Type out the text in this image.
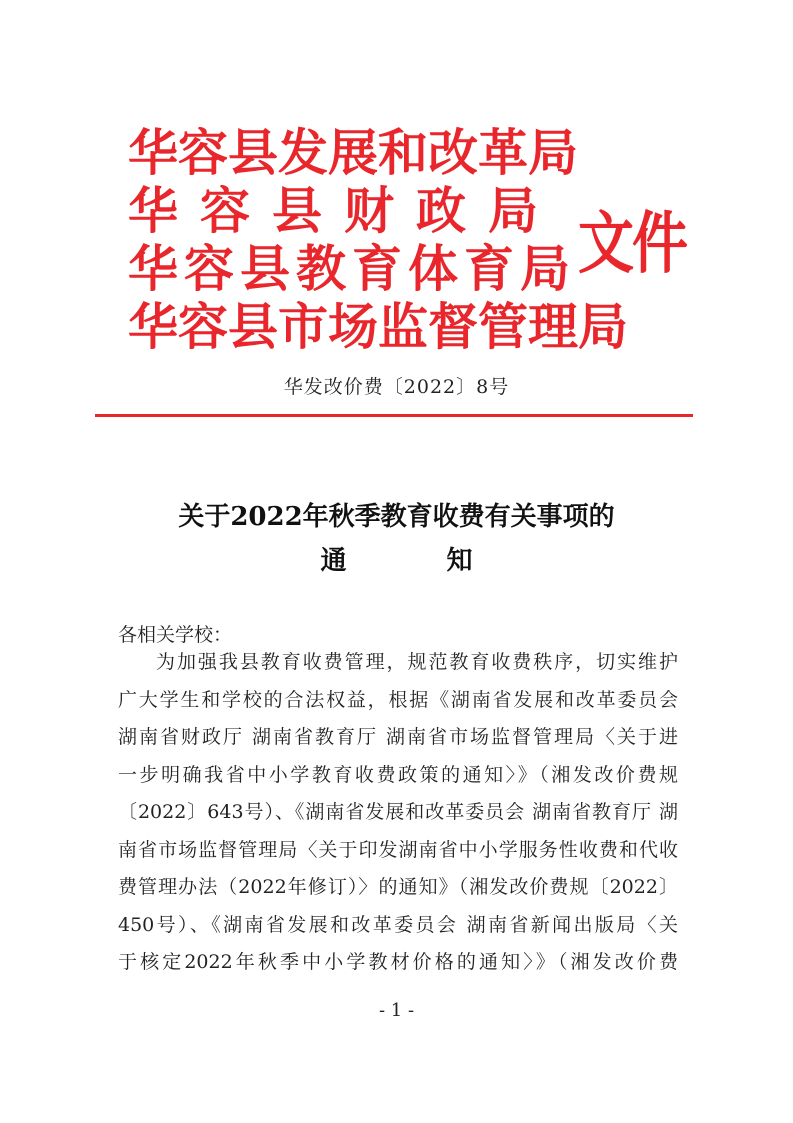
华容县发展和改革局
华容县财政局
华容县教育体育局
华容县市场监督管理局
文件
华发改价费〔2022〕8号
关于2022年秋季教育收费有关事项的
通知
各相关学校：
为加强我县教育收费管理，规范教育收费秩序，切实维护
广大学生和学校的合法权益，根据《湖南省发展和改革委员会
湖南省财政厅 湖南省教育厅 湖南省市场监督管理局〈关于进
一步明确我省中小学教育收费政策的通知〉》（湘发改价费规
〔2022〕643号）、《湖南省发展和改革委员会 湖南省教育厅 湖
南省市场监督管理局〈关于印发湖南省中小学服务性收费和代收
费管理办法（2022年修订）〉的通知》（湘发改价费规〔2022〕
450号）、《湖南省发展和改革委员会 湖南省新闻出版局〈关
于核定2022年秋季中小学教材价格的通知〉》（湘发改价费
- 1 -
